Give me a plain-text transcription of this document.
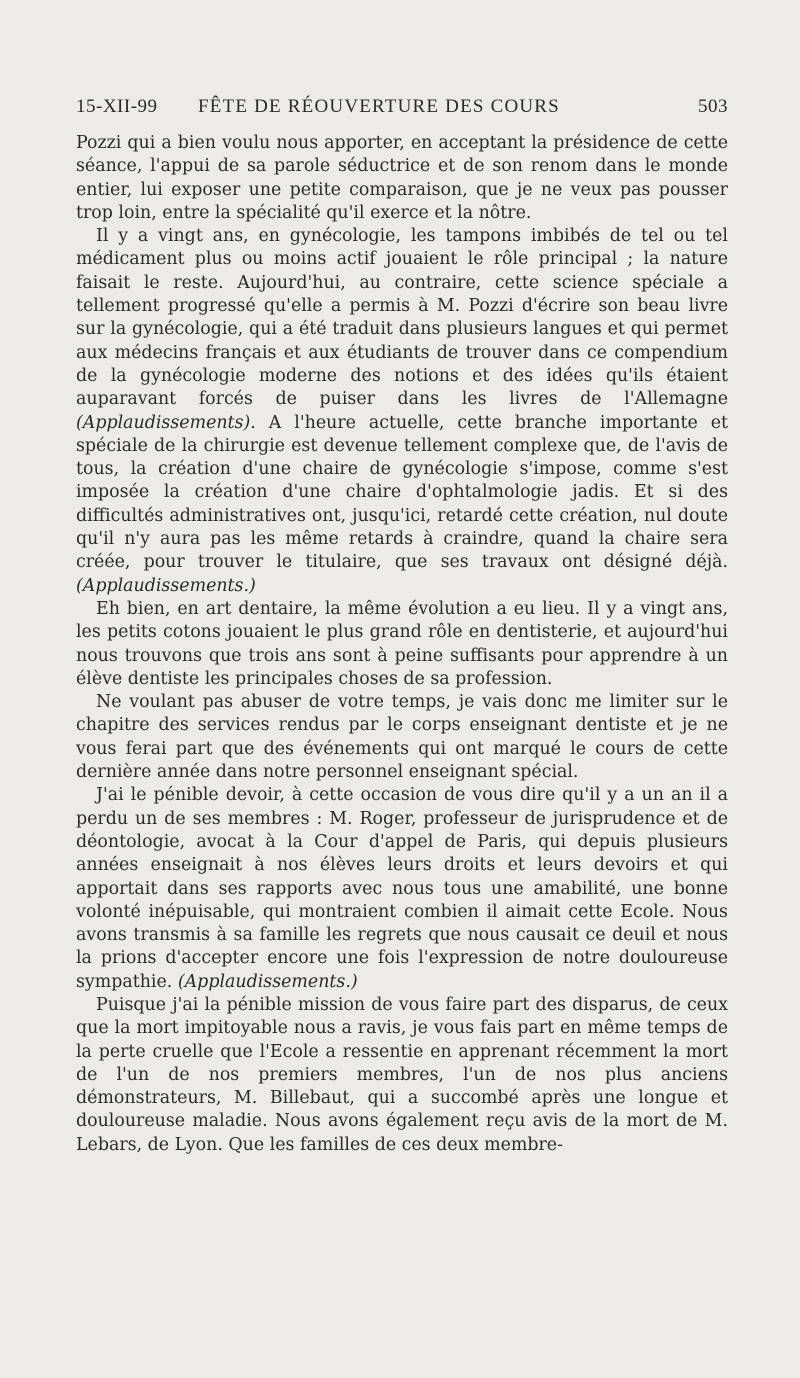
15-XII-99 FÊTE DE RÉOUVERTURE DES COURS	503

Pozzi qui a bien voulu nous apporter, en acceptant la présidence de cette séance, l'appui de sa parole séductrice et de son renom dans le monde entier, lui exposer une petite comparaison, que je ne veux pas pousser trop loin, entre la spécialité qu'il exerce et la nôtre.

Il y a vingt ans, en gynécologie, les tampons imbibés de tel ou tel médicament plus ou moins actif jouaient le rôle principal ; la nature faisait le reste. Aujourd'hui, au contraire, cette science spéciale a tellement progressé qu'elle a permis à M. Pozzi d'écrire son beau livre sur la gynécologie, qui a été traduit dans plusieurs langues et qui permet aux médecins français et aux étudiants de trouver dans ce compendium de la gynécologie moderne des notions et des idées qu'ils étaient auparavant forcés de puiser dans les livres de l'Allemagne (Applaudissements). A l'heure actuelle, cette branche importante et spéciale de la chirurgie est devenue tellement complexe que, de l'avis de tous, la création d'une chaire de gynécologie s'impose, comme s'est imposée la création d'une chaire d'ophtalmologie jadis. Et si des difficultés administratives ont, jusqu'ici, retardé cette création, nul doute qu'il n'y aura pas les même retards à craindre, quand la chaire sera créée, pour trouver le titulaire, que ses travaux ont désigné déjà. (Applaudissements.)

Eh bien, en art dentaire, la même évolution a eu lieu. Il y a vingt ans, les petits cotons jouaient le plus grand rôle en dentisterie, et aujourd'hui nous trouvons que trois ans sont à peine suffisants pour apprendre à un élève dentiste les principales choses de sa profession.

Ne voulant pas abuser de votre temps, je vais donc me limiter sur le chapitre des services rendus par le corps enseignant dentiste et je ne vous ferai part que des événements qui ont marqué le cours de cette dernière année dans notre personnel enseignant spécial.

J'ai le pénible devoir, à cette occasion de vous dire qu'il y a un an il a perdu un de ses membres : M. Roger, professeur de jurisprudence et de déontologie, avocat à la Cour d'appel de Paris, qui depuis plusieurs années enseignait à nos élèves leurs droits et leurs devoirs et qui apportait dans ses rapports avec nous tous une amabilité, une bonne volonté inépuisable, qui montraient combien il aimait cette Ecole. Nous avons transmis à sa famille les regrets que nous causait ce deuil et nous la prions d'accepter encore une fois l'expression de notre douloureuse sympathie. (Applaudissements.)

Puisque j'ai la pénible mission de vous faire part des disparus, de ceux que la mort impitoyable nous a ravis, je vous fais part en même temps de la perte cruelle que l'Ecole a ressentie en apprenant récemment la mort de l'un de nos premiers membres, l'un de nos plus anciens démonstrateurs, M. Billebaut, qui a succombé après une longue et douloureuse maladie. Nous avons également reçu avis de la mort de M. Lebars, de Lyon. Que les familles de ces deux membre-
